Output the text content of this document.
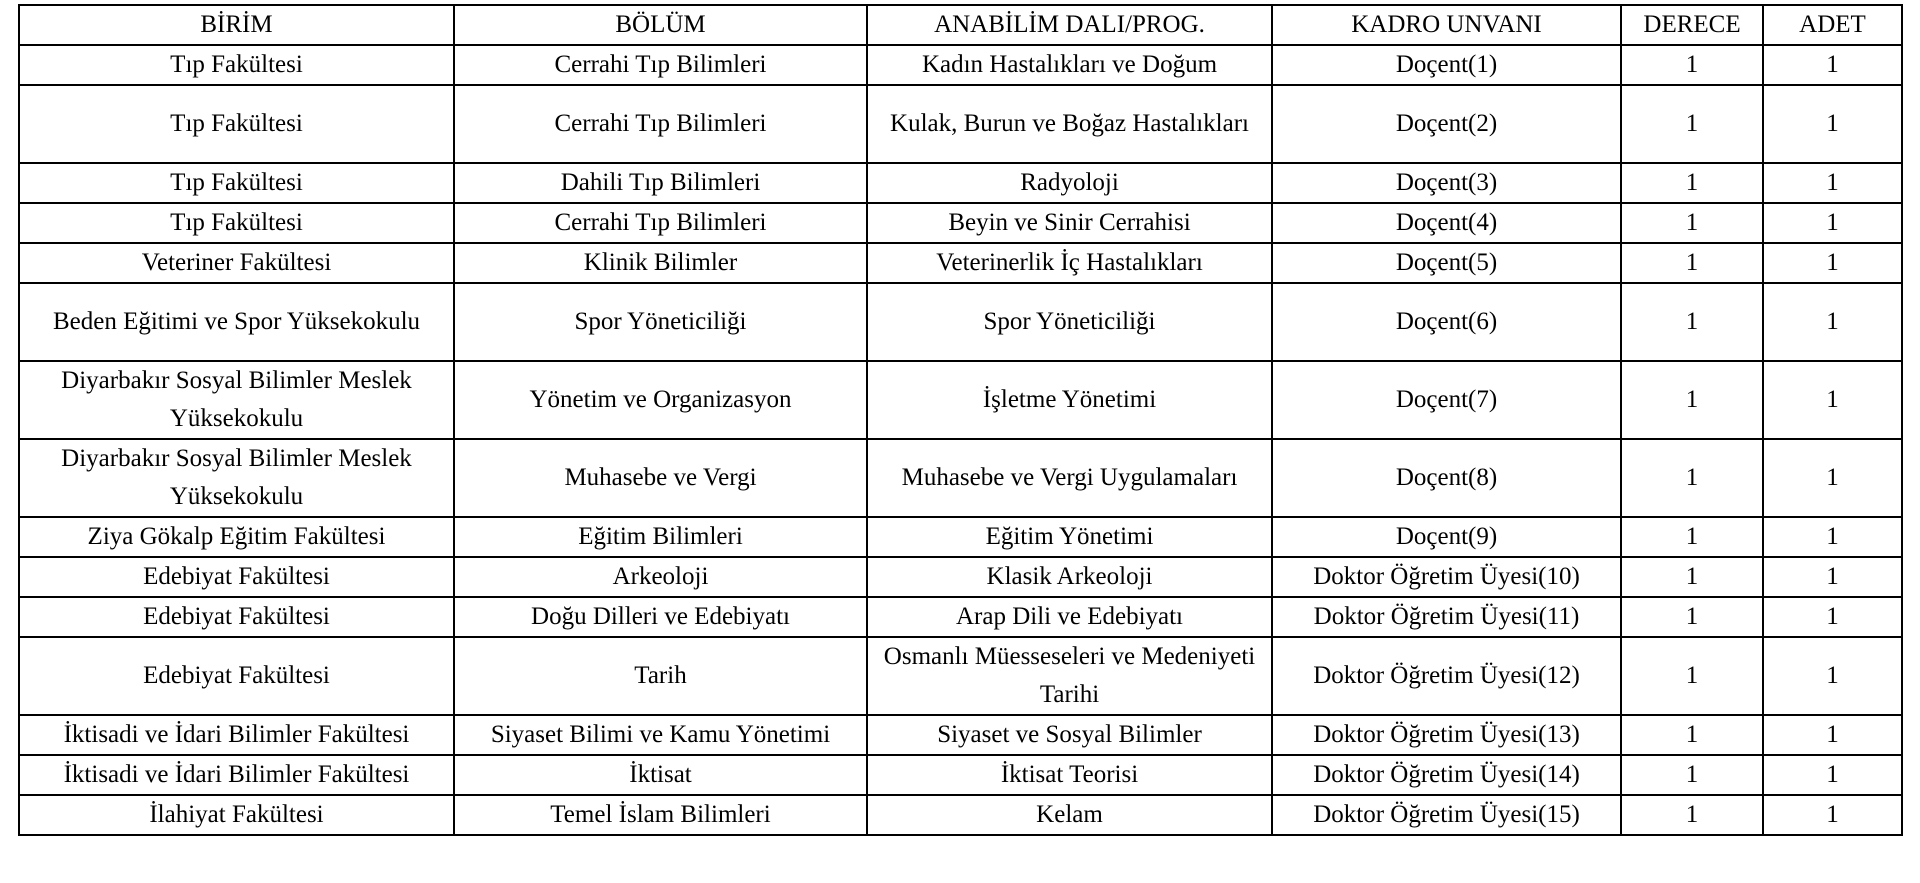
BİRİM	BÖLÜM	ANABİLİM DALI/PROG.	KADRO UNVANI	DERECE	ADET
Tıp Fakültesi	Cerrahi Tıp Bilimleri	Kadın Hastalıkları ve Doğum	Doçent(1)	1	1
Tıp Fakültesi	Cerrahi Tıp Bilimleri	Kulak, Burun ve Boğaz Hastalıkları	Doçent(2)	1	1
Tıp Fakültesi	Dahili Tıp Bilimleri	Radyoloji	Doçent(3)	1	1
Tıp Fakültesi	Cerrahi Tıp Bilimleri	Beyin ve Sinir Cerrahisi	Doçent(4)	1	1
Veteriner Fakültesi	Klinik Bilimler	Veterinerlik İç Hastalıkları	Doçent(5)	1	1
Beden Eğitimi ve Spor Yüksekokulu	Spor Yöneticiliği	Spor Yöneticiliği	Doçent(6)	1	1
Diyarbakır Sosyal Bilimler Meslek Yüksekokulu	Yönetim ve Organizasyon	İşletme Yönetimi	Doçent(7)	1	1
Diyarbakır Sosyal Bilimler Meslek Yüksekokulu	Muhasebe ve Vergi	Muhasebe ve Vergi Uygulamaları	Doçent(8)	1	1
Ziya Gökalp Eğitim Fakültesi	Eğitim Bilimleri	Eğitim Yönetimi	Doçent(9)	1	1
Edebiyat Fakültesi	Arkeoloji	Klasik Arkeoloji	Doktor Öğretim Üyesi(10)	1	1
Edebiyat Fakültesi	Doğu Dilleri ve Edebiyatı	Arap Dili ve Edebiyatı	Doktor Öğretim Üyesi(11)	1	1
Edebiyat Fakültesi	Tarih	Osmanlı Müesseseleri ve Medeniyeti Tarihi	Doktor Öğretim Üyesi(12)	1	1
İktisadi ve İdari Bilimler Fakültesi	Siyaset Bilimi ve Kamu Yönetimi	Siyaset ve Sosyal Bilimler	Doktor Öğretim Üyesi(13)	1	1
İktisadi ve İdari Bilimler Fakültesi	İktisat	İktisat Teorisi	Doktor Öğretim Üyesi(14)	1	1
İlahiyat Fakültesi	Temel İslam Bilimleri	Kelam	Doktor Öğretim Üyesi(15)	1	1
